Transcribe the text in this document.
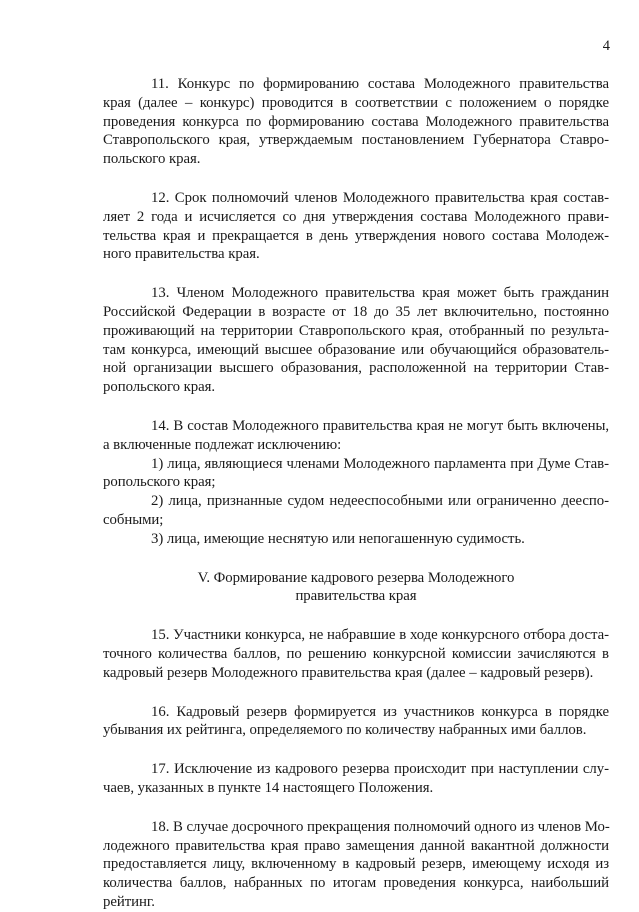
4
11. Конкурс по формированию состава Молодежного правительства
края (далее – конкурс) проводится в соответствии с положением о порядке
проведения конкурса по формированию состава Молодежного правительства
Ставропольского края, утверждаемым постановлением Губернатора Ставро-
польского края.
12. Срок полномочий членов Молодежного правительства края состав-
ляет 2 года и исчисляется со дня утверждения состава Молодежного прави-
тельства края и прекращается в день утверждения нового состава Молодеж-
ного правительства края.
13. Членом Молодежного правительства края может быть гражданин
Российской Федерации в возрасте от 18 до 35 лет включительно, постоянно
проживающий на территории Ставропольского края, отобранный по результа-
там конкурса, имеющий высшее образование или обучающийся образователь-
ной организации высшего образования, расположенной на территории Став-
ропольского края.
14. В состав Молодежного правительства края не могут быть включены,
а включенные подлежат исключению:
1) лица, являющиеся членами Молодежного парламента при Думе Став-
ропольского края;
2) лица, признанные судом недееспособными или ограниченно дееспо-
собными;
3) лица, имеющие неснятую или непогашенную судимость.
V. Формирование кадрового резерва Молодежного
правительства края
15. Участники конкурса, не набравшие в ходе конкурсного отбора доста-
точного количества баллов, по решению конкурсной комиссии зачисляются в
кадровый резерв Молодежного правительства края (далее – кадровый резерв).
16. Кадровый резерв формируется из участников конкурса в порядке
убывания их рейтинга, определяемого по количеству набранных ими баллов.
17. Исключение из кадрового резерва происходит при наступлении слу-
чаев, указанных в пункте 14 настоящего Положения.
18. В случае досрочного прекращения полномочий одного из членов Мо-
лодежного правительства края право замещения данной вакантной должности
предоставляется лицу, включенному в кадровый резерв, имеющему исходя из
количества баллов, набранных по итогам проведения конкурса, наибольший
рейтинг.
